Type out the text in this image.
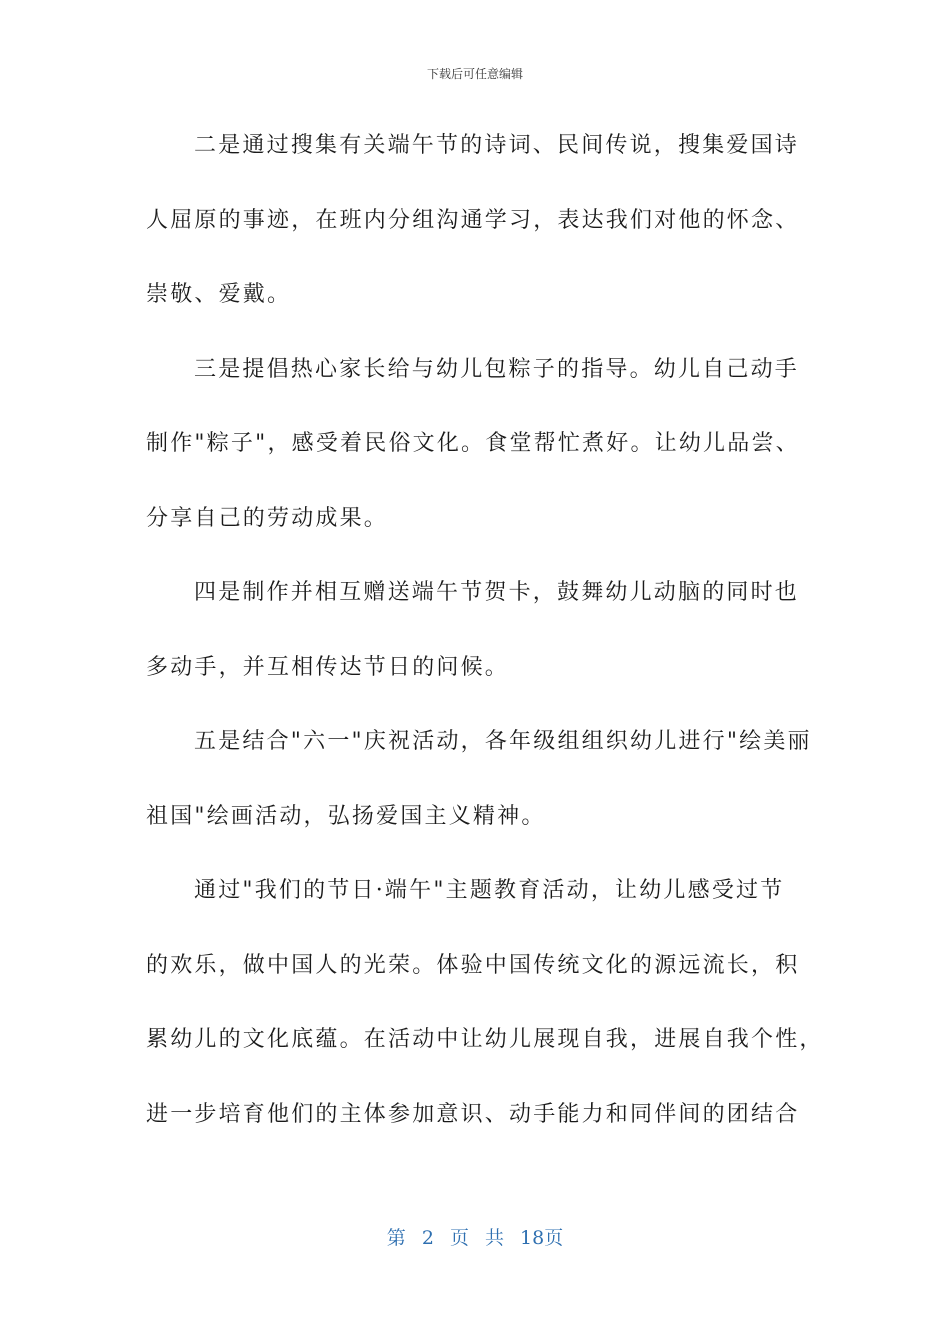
下载后可任意编辑
二是通过搜集有关端午节的诗词、民间传说，搜集爱国诗
人屈原的事迹，在班内分组沟通学习，表达我们对他的怀念、
崇敬、爱戴。
三是提倡热心家长给与幼儿包粽子的指导。幼儿自己动手
制作"粽子"，感受着民俗文化。食堂帮忙煮好。让幼儿品尝、
分享自己的劳动成果。
四是制作并相互赠送端午节贺卡，鼓舞幼儿动脑的同时也
多动手，并互相传达节日的问候。
五是结合"六一"庆祝活动，各年级组组织幼儿进行"绘美丽
祖国"绘画活动，弘扬爱国主义精神。
通过"我们的节日·端午"主题教育活动，让幼儿感受过节
的欢乐，做中国人的光荣。体验中国传统文化的源远流长，积
累幼儿的文化底蕴。在活动中让幼儿展现自我，进展自我个性，
进一步培育他们的主体参加意识、动手能力和同伴间的团结合
第 2 页 共 18页
